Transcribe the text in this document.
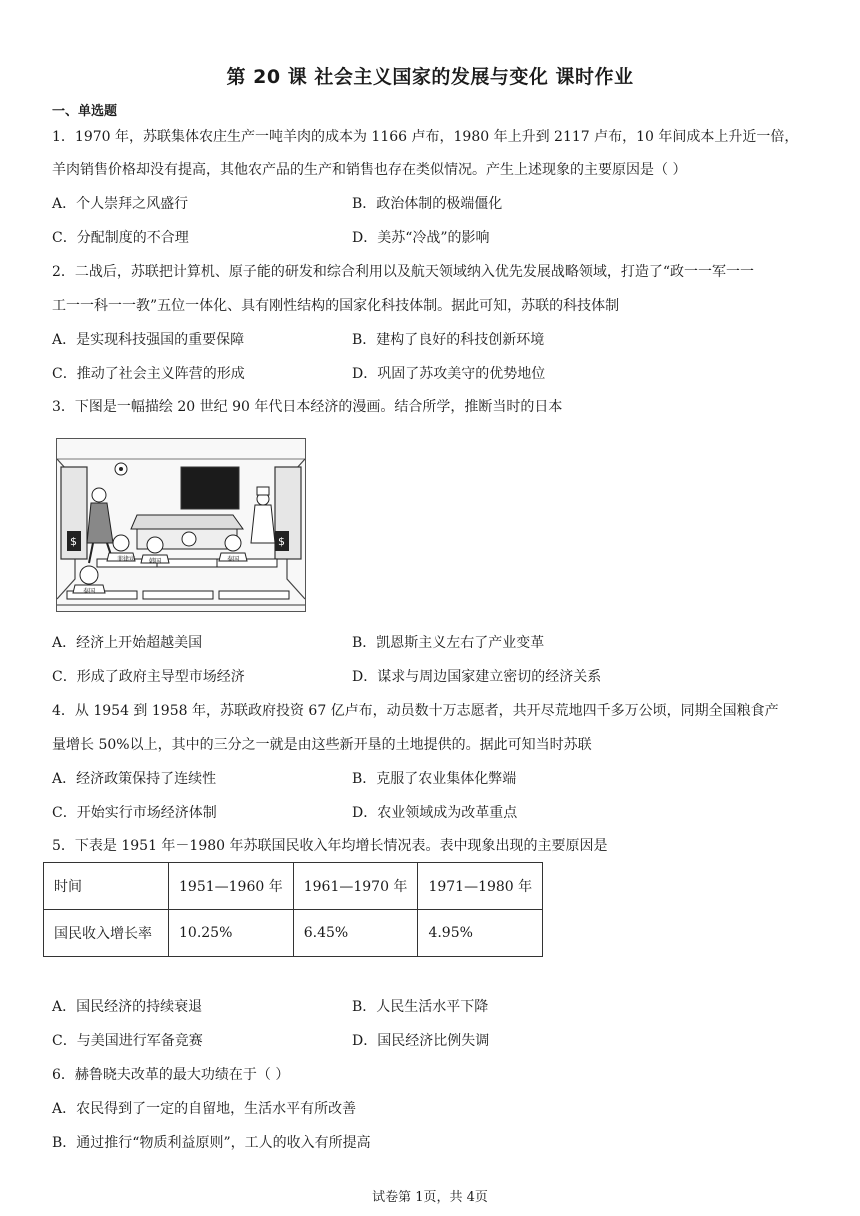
第 20 课 社会主义国家的发展与变化 课时作业
一、单选题
1．1970 年，苏联集体农庄生产一吨羊肉的成本为 1166 卢布，1980 年上升到 2117 卢布，10 年间成本上升近一倍，
羊肉销售价格却没有提高，其他农产品的生产和销售也存在类似情况。产生上述现象的主要原因是（ ）
A．个人崇拜之风盛行	B．政治体制的极端僵化
C．分配制度的不合理	D．美苏“冷战”的影响
2．二战后，苏联把计算机、原子能的研发和综合利用以及航天领域纳入优先发展战略领域，打造了“政一一军一一
工一一科一一教”五位一体化、具有刚性结构的国家化科技体制。据此可知，苏联的科技体制
A．是实现科技强国的重要保障	B．建构了良好的科技创新环境
C．推动了社会主义阵营的形成	D．巩固了苏攻美守的优势地位
3．下图是一幅描绘 20 世纪 90 年代日本经济的漫画。结合所学，推断当时的日本
$	$
菲律宾 韩国	泰国
泰国
A．经济上开始超越美国	B．凯恩斯主义左右了产业变革
C．形成了政府主导型市场经济	D．谋求与周边国家建立密切的经济关系
4．从 1954 到 1958 年，苏联政府投资 67 亿卢布，动员数十万志愿者，共开尽荒地四千多万公顷，同期全国粮食产
量增长 50%以上，其中的三分之一就是由这些新开垦的土地提供的。据此可知当时苏联
A．经济政策保持了连续性	B．克服了农业集体化弊端
C．开始实行市场经济体制	D．农业领域成为改革重点
5．下表是 1951 年－1980 年苏联国民收入年均增长情况表。表中现象出现的主要原因是
时间	1951—1960 年	1961—1970 年	1971—1980 年
国民收入增长率	10.25%	6.45%	4.95%
A．国民经济的持续衰退	B．人民生活水平下降
C．与美国进行军备竞赛	D．国民经济比例失调
6．赫鲁晓夫改革的最大功绩在于（ ）
A．农民得到了一定的自留地，生活水平有所改善
B．通过推行“物质利益原则”，工人的收入有所提高
试卷第 1页，共 4页
